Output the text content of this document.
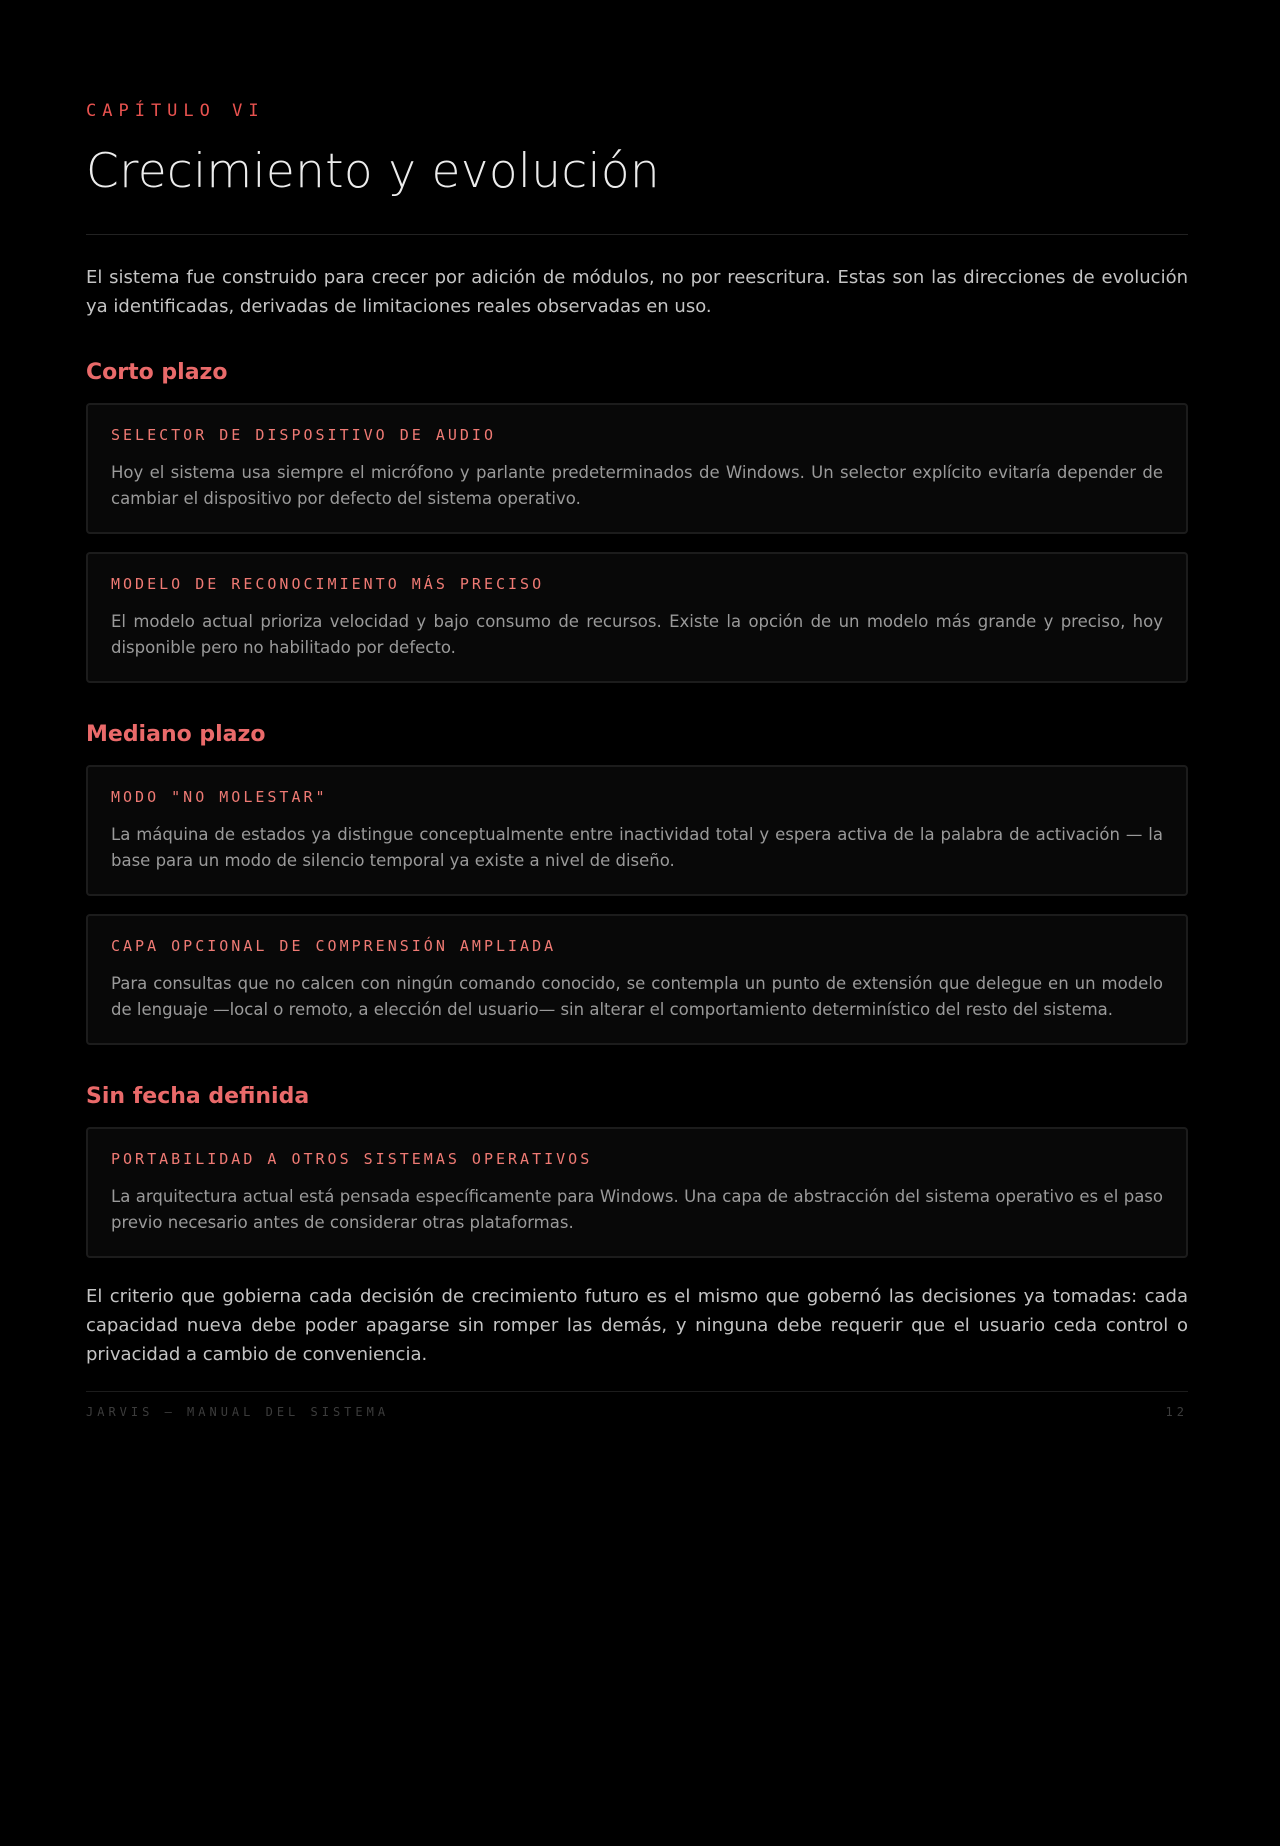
CAPÍTULO VI

Crecimiento y evolución

El sistema fue construido para crecer por adición de módulos, no por reescritura. Estas son las direcciones de evolución ya identificadas, derivadas de limitaciones reales observadas en uso.

Corto plazo

SELECTOR DE DISPOSITIVO DE AUDIO

Hoy el sistema usa siempre el micrófono y parlante predeterminados de Windows. Un selector explícito evitaría depender de cambiar el dispositivo por defecto del sistema operativo.

MODELO DE RECONOCIMIENTO MÁS PRECISO

El modelo actual prioriza velocidad y bajo consumo de recursos. Existe la opción de un modelo más grande y preciso, hoy disponible pero no habilitado por defecto.

Mediano plazo

MODO "NO MOLESTAR"

La máquina de estados ya distingue conceptualmente entre inactividad total y espera activa de la palabra de activación — la base para un modo de silencio temporal ya existe a nivel de diseño.

CAPA OPCIONAL DE COMPRENSIÓN AMPLIADA

Para consultas que no calcen con ningún comando conocido, se contempla un punto de extensión que delegue en un modelo de lenguaje —local o remoto, a elección del usuario— sin alterar el comportamiento determinístico del resto del sistema.

Sin fecha definida

PORTABILIDAD A OTROS SISTEMAS OPERATIVOS

La arquitectura actual está pensada específicamente para Windows. Una capa de abstracción del sistema operativo es el paso previo necesario antes de considerar otras plataformas.

El criterio que gobierna cada decisión de crecimiento futuro es el mismo que gobernó las decisiones ya tomadas: cada capacidad nueva debe poder apagarse sin romper las demás, y ninguna debe requerir que el usuario ceda control o privacidad a cambio de conveniencia.

JARVIS — MANUAL DEL SISTEMA	12
